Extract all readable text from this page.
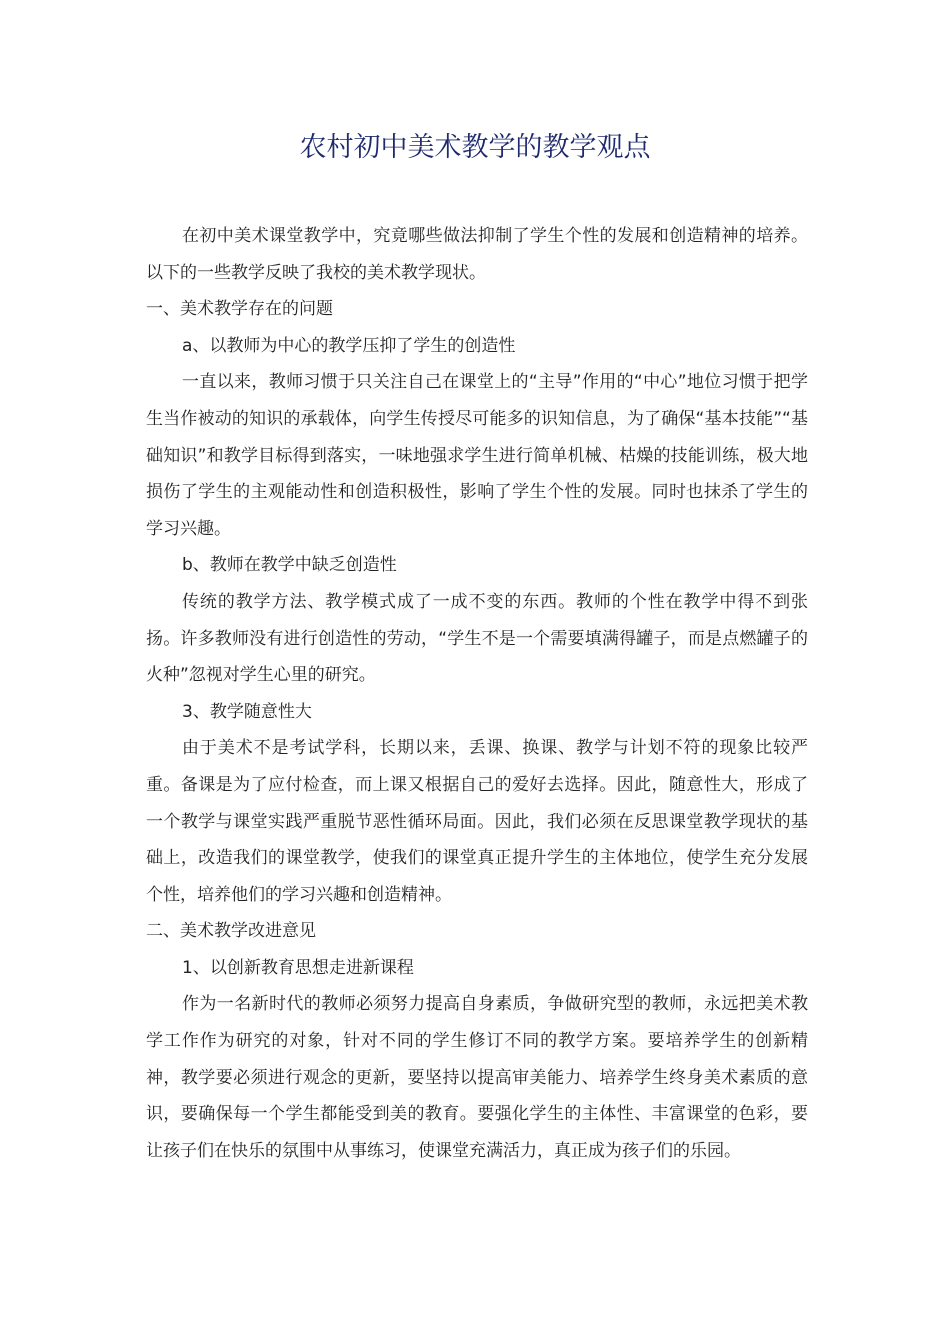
农村初中美术教学的教学观点

在初中美术课堂教学中，究竟哪些做法抑制了学生个性的发展和创造精神的培养。以下的一些教学反映了我校的美术教学现状。

一、美术教学存在的问题

a、以教师为中心的教学压抑了学生的创造性

一直以来，教师习惯于只关注自己在课堂上的“主导”作用的“中心”地位习惯于把学生当作被动的知识的承载体，向学生传授尽可能多的识知信息，为了确保“基本技能”“基础知识”和教学目标得到落实，一味地强求学生进行简单机械、枯燥的技能训练，极大地损伤了学生的主观能动性和创造积极性，影响了学生个性的发展。同时也抹杀了学生的学习兴趣。

b、教师在教学中缺乏创造性

传统的教学方法、教学模式成了一成不变的东西。教师的个性在教学中得不到张扬。许多教师没有进行创造性的劳动，“学生不是一个需要填满得罐子，而是点燃罐子的火种”忽视对学生心里的研究。

3、教学随意性大

由于美术不是考试学科，长期以来，丢课、换课、教学与计划不符的现象比较严重。备课是为了应付检查，而上课又根据自己的爱好去选择。因此，随意性大，形成了一个教学与课堂实践严重脱节恶性循环局面。因此，我们必须在反思课堂教学现状的基础上，改造我们的课堂教学，使我们的课堂真正提升学生的主体地位，使学生充分发展个性，培养他们的学习兴趣和创造精神。

二、美术教学改进意见

1、以创新教育思想走进新课程

作为一名新时代的教师必须努力提高自身素质，争做研究型的教师，永远把美术教学工作作为研究的对象，针对不同的学生修订不同的教学方案。要培养学生的创新精神，教学要必须进行观念的更新，要坚持以提高审美能力、培养学生终身美术素质的意识，要确保每一个学生都能受到美的教育。要强化学生的主体性、丰富课堂的色彩，要让孩子们在快乐的氛围中从事练习，使课堂充满活力，真正成为孩子们的乐园。
